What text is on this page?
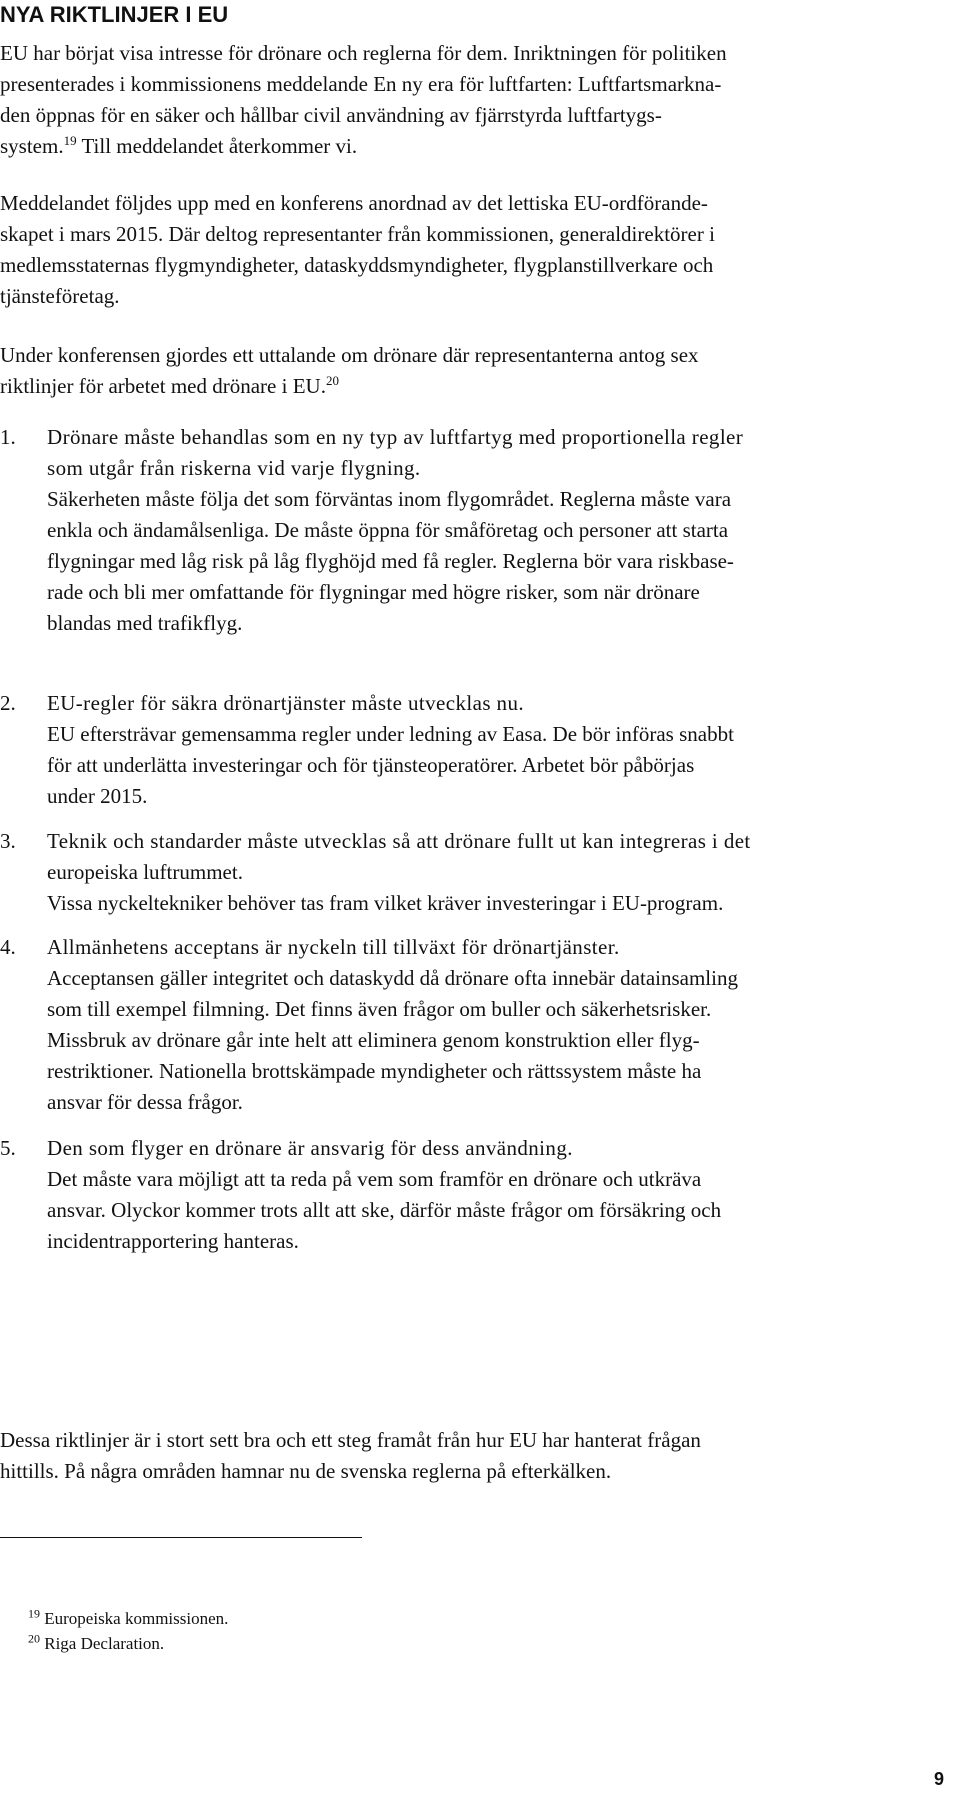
NYA RIKTLINJER I EU

EU har börjat visa intresse för drönare och reglerna för dem. Inriktningen för politiken
presenterades i kommissionens meddelande En ny era för luftfarten: Luftfartsmarkna-
den öppnas för en säker och hållbar civil användning av fjärrstyrda luftfartygs-
system.$^{19}$ Till meddelandet återkommer vi.

Meddelandet följdes upp med en konferens anordnad av det lettiska EU-ordförande-
skapet i mars 2015. Där deltog representanter från kommissionen, generaldirektörer i
medlemsstaternas flygmyndigheter, dataskyddsmyndigheter, flygplanstillverkare och
tjänsteföretag.

Under konferensen gjordes ett uttalande om drönare där representanterna antog sex
riktlinjer för arbetet med drönare i EU.$^{20}$

1. Drönare måste behandlas som en ny typ av luftfartyg med proportionella regler
som utgår från riskerna vid varje flygning.
Säkerheten måste följa det som förväntas inom flygområdet. Reglerna måste vara
enkla och ändamålsenliga. De måste öppna för småföretag och personer att starta
flygningar med låg risk på låg flyghöjd med få regler. Reglerna bör vara riskbase-
rade och bli mer omfattande för flygningar med högre risker, som när drönare
blandas med trafikflyg.
2. EU-regler för säkra drönartjänster måste utvecklas nu.
EU eftersträvar gemensamma regler under ledning av Easa. De bör införas snabbt
för att underlätta investeringar och för tjänsteoperatörer. Arbetet bör påbörjas
under 2015.
3. Teknik och standarder måste utvecklas så att drönare fullt ut kan integreras i det
europeiska luftrummet.
Vissa nyckeltekniker behöver tas fram vilket kräver investeringar i EU-program.
4. Allmänhetens acceptans är nyckeln till tillväxt för drönartjänster.
Acceptansen gäller integritet och dataskydd då drönare ofta innebär datainsamling
som till exempel filmning. Det finns även frågor om buller och säkerhetsrisker.
Missbruk av drönare går inte helt att eliminera genom konstruktion eller flyg-
restriktioner. Nationella brottskämpade myndigheter och rättssystem måste ha
ansvar för dessa frågor.
5. Den som flyger en drönare är ansvarig för dess användning.
Det måste vara möjligt att ta reda på vem som framför en drönare och utkräva
ansvar. Olyckor kommer trots allt att ske, därför måste frågor om försäkring och
incidentrapportering hanteras.

Dessa riktlinjer är i stort sett bra och ett steg framåt från hur EU har hanterat frågan
hittills. På några områden hamnar nu de svenska reglerna på efterkälken.

$^{19}$ Europeiska kommissionen.
$^{20}$ Riga Declaration.
9
